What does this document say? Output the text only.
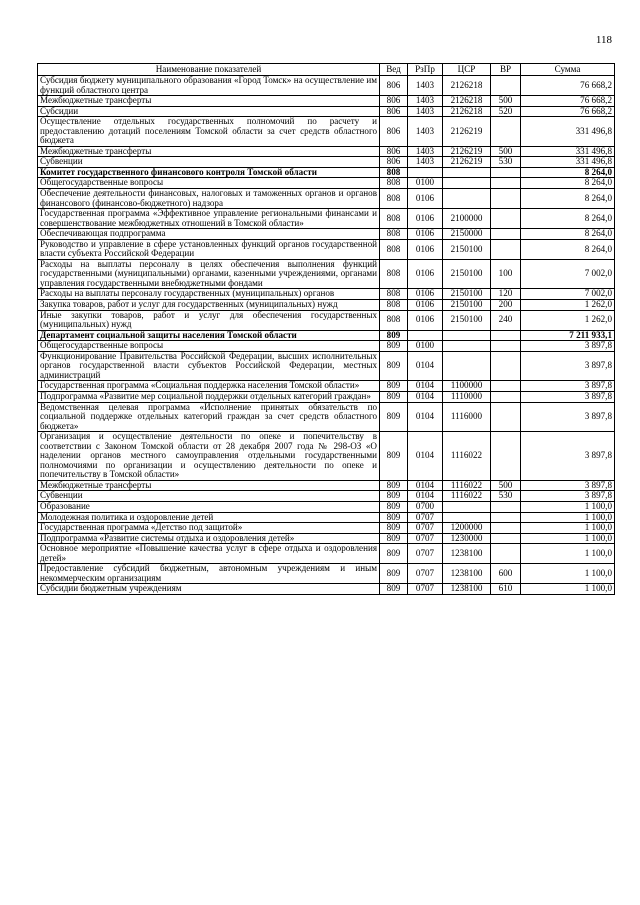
118
Наименование показателей	Вед	РзПр	ЦСР	ВР	Сумма
Субсидия бюджету муниципального образования «Город Томск» на осуществление им функций областного центра	806	1403	2126218		76 668,2
Межбюджетные трансферты	806	1403	2126218	500	76 668,2
Субсидии	806	1403	2126218	520	76 668,2
Осуществление отдельных государственных полномочий по расчету и предоставлению дотаций поселениям Томской области за счет средств областного бюджета	806	1403	2126219		331 496,8
Межбюджетные трансферты	806	1403	2126219	500	331 496,8
Субвенции	806	1403	2126219	530	331 496,8
Комитет государственного финансового контроля Томской области	808				8 264,0
Общегосударственные вопросы	808	0100			8 264,0
Обеспечение деятельности финансовых, налоговых и таможенных органов и органов финансового (финансово-бюджетного) надзора	808	0106			8 264,0
Государственная программа «Эффективное управление региональными финансами и совершенствование межбюджетных отношений в Томской области»	808	0106	2100000		8 264,0
Обеспечивающая подпрограмма	808	0106	2150000		8 264,0
Руководство и управление в сфере установленных функций органов государственной власти субъекта Российской Федерации	808	0106	2150100		8 264,0
Расходы на выплаты персоналу в целях обеспечения выполнения функций государственными (муниципальными) органами, казенными учреждениями, органами управления государственными внебюджетными фондами	808	0106	2150100	100	7 002,0
Расходы на выплаты персоналу государственных (муниципальных) органов	808	0106	2150100	120	7 002,0
Закупка товаров, работ и услуг для государственных (муниципальных) нужд	808	0106	2150100	200	1 262,0
Иные закупки товаров, работ и услуг для обеспечения государственных (муниципальных) нужд	808	0106	2150100	240	1 262,0
Департамент социальной защиты населения Томской области	809				7 211 933,1
Общегосударственные вопросы	809	0100			3 897,8
Функционирование Правительства Российской Федерации, высших исполнительных органов государственной власти субъектов Российской Федерации, местных администраций	809	0104			3 897,8
Государственная программа «Социальная поддержка населения Томской области»	809	0104	1100000		3 897,8
Подпрограмма «Развитие мер социальной поддержки отдельных категорий граждан»	809	0104	1110000		3 897,8
Ведомственная целевая программа «Исполнение принятых обязательств по социальной поддержке отдельных категорий граждан за счет средств областного бюджета»	809	0104	1116000		3 897,8
Организация и осуществление деятельности по опеке и попечительству в соответствии с Законом Томской области от 28 декабря 2007 года № 298-ОЗ «О наделении органов местного самоуправления отдельными государственными полномочиями по организации и осуществлению деятельности по опеке и попечительству в Томской области»	809	0104	1116022		3 897,8
Межбюджетные трансферты	809	0104	1116022	500	3 897,8
Субвенции	809	0104	1116022	530	3 897,8
Образование	809	0700			1 100,0
Молодежная политика и оздоровление детей	809	0707			1 100,0
Государственная программа «Детство под защитой»	809	0707	1200000		1 100,0
Подпрограмма «Развитие системы отдыха и оздоровления детей»	809	0707	1230000		1 100,0
Основное мероприятие «Повышение качества услуг в сфере отдыха и оздоровления детей»	809	0707	1238100		1 100,0
Предоставление субсидий бюджетным, автономным учреждениям и иным некоммерческим организациям	809	0707	1238100	600	1 100,0
Субсидии бюджетным учреждениям	809	0707	1238100	610	1 100,0
